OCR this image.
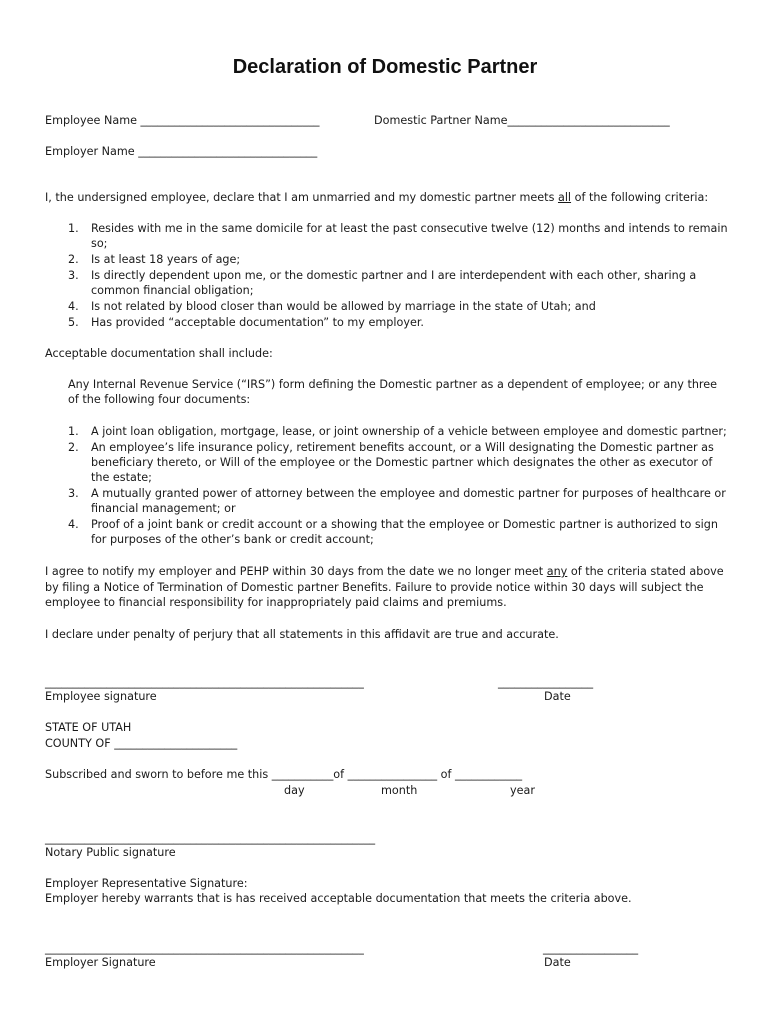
Declaration of Domestic Partner
Employee Name ________________________________	Domestic Partner Name_____________________________
Employer Name ________________________________
I, the undersigned employee, declare that I am unmarried and my domestic partner meets all of the following criteria:
1.	Resides with me in the same domicile for at least the past consecutive twelve (12) months and intends to remain
so;
2.	Is at least 18 years of age;
3.	Is directly dependent upon me, or the domestic partner and I are interdependent with each other, sharing a
common financial obligation;
4.	Is not related by blood closer than would be allowed by marriage in the state of Utah; and
5.	Has provided “acceptable documentation” to my employer.
Acceptable documentation shall include:
Any Internal Revenue Service (“IRS”) form defining the Domestic partner as a dependent of employee; or any three
of the following four documents:
1.	A joint loan obligation, mortgage, lease, or joint ownership of a vehicle between employee and domestic partner;
2.	An employee’s life insurance policy, retirement benefits account, or a Will designating the Domestic partner as
beneficiary thereto, or Will of the employee or the Domestic partner which designates the other as executor of
the estate;
3.	A mutually granted power of attorney between the employee and domestic partner for purposes of healthcare or
financial management; or
4.	Proof of a joint bank or credit account or a showing that the employee or Domestic partner is authorized to sign
for purposes of the other’s bank or credit account;
I agree to notify my employer and PEHP within 30 days from the date we no longer meet any of the criteria stated above
by filing a Notice of Termination of Domestic partner Benefits. Failure to provide notice within 30 days will subject the
employee to financial responsibility for inappropriately paid claims and premiums.
I declare under penalty of perjury that all statements in this affidavit are true and accurate.
_________________________________________________________	_________________
Employee signature	Date
STATE OF UTAH
COUNTY OF ______________________
Subscribed and sworn to before me this ___________of ________________ of ____________
day	month	year
___________________________________________________________
Notary Public signature
Employer Representative Signature:
Employer hereby warrants that is has received acceptable documentation that meets the criteria above.
_________________________________________________________	_________________
Employer Signature	Date
